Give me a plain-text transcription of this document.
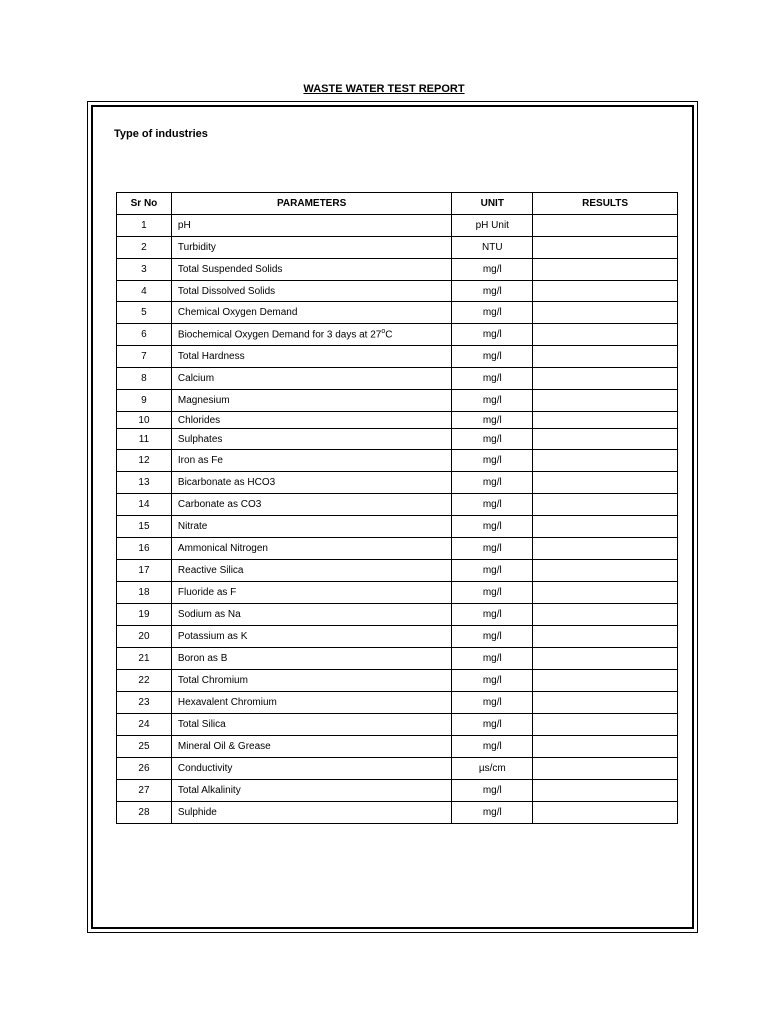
WASTE WATER TEST REPORT
Type of industries
Sr No	PARAMETERS	UNIT	RESULTS
1	pH	pH Unit	
2	Turbidity	NTU	
3	Total Suspended Solids	mg/l	
4	Total Dissolved Solids	mg/l	
5	Chemical Oxygen Demand	mg/l	
6	Biochemical Oxygen Demand for 3 days at 27$^o$C	mg/l	
7	Total Hardness	mg/l	
8	Calcium	mg/l	
9	Magnesium	mg/l	
10	Chlorides	mg/l	
11	Sulphates	mg/l	
12	Iron as Fe	mg/l	
13	Bicarbonate as HCO3	mg/l	
14	Carbonate as CO3	mg/l	
15	Nitrate	mg/l	
16	Ammonical Nitrogen	mg/l	
17	Reactive Silica	mg/l	
18	Fluoride as F	mg/l	
19	Sodium as Na	mg/l	
20	Potassium as K	mg/l	
21	Boron as B	mg/l	
22	Total Chromium	mg/l	
23	Hexavalent Chromium	mg/l	
24	Total Silica	mg/l	
25	Mineral Oil & Grease	mg/l	
26	Conductivity	µs/cm	
27	Total Alkalinity	mg/l	
28	Sulphide	mg/l	
